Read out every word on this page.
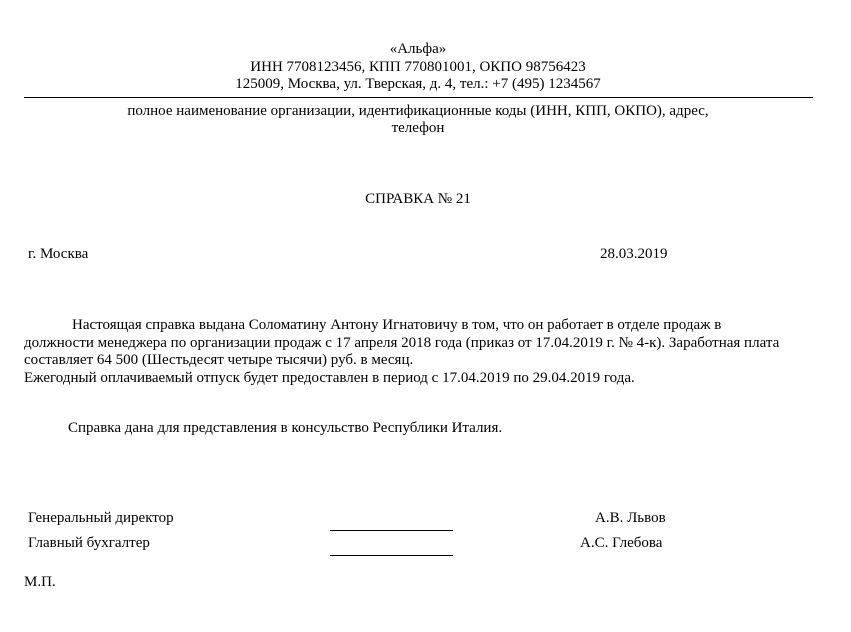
«Альфа»
ИНН 7708123456, КПП 770801001, ОКПО 98756423
125009, Москва, ул. Тверская, д. 4, тел.: +7 (495) 1234567
полное наименование организации, идентификационные коды (ИНН, КПП, ОКПО), адрес,
телефон
СПРАВКА № 21
г. Москва	28.03.2019

Настоящая справка выдана Соломатину Антону Игнатовичу в том, что он работает в отделе продаж в

должности менеджера по организации продаж с 17 апреля 2018 года (приказ от 17.04.2019 г. № 4-к). Заработная плата

составляет 64 500 (Шестьдесят четыре тысячи) руб. в месяц.

Ежегодный оплачиваемый отпуск будет предоставлен в период с 17.04.2019 по 29.04.2019 года.

Справка дана для представления в консульство Республики Италия.
Генеральный директор	А.В. Львов
Главный бухгалтер	А.С. Глебова
М.П.
